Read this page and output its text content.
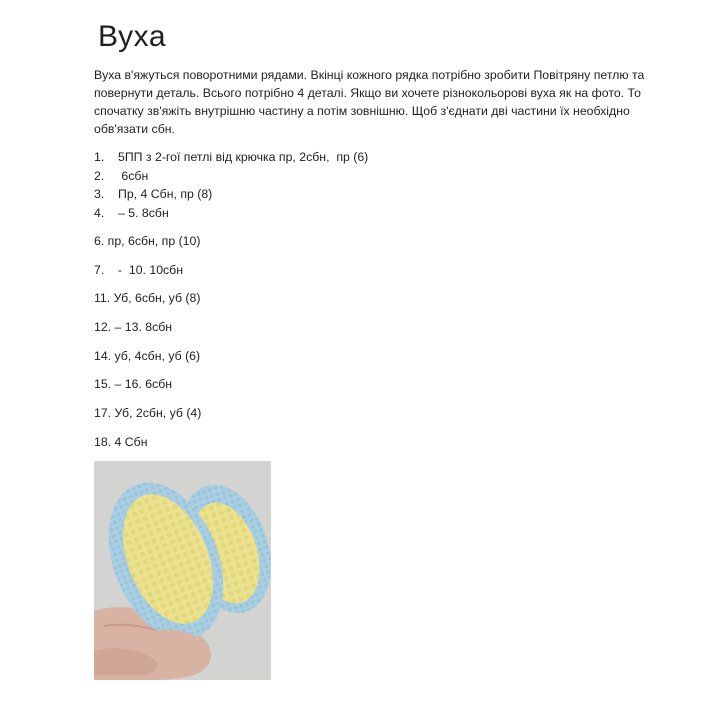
Вуха
Вуха в'яжуться поворотними рядами. Вкінці кожного рядка потрібно зробити Повітряну петлю та повернути деталь. Всього потрібно 4 деталі. Якщо ви хочете різнокольорові вуха як на фото. То спочатку зв'яжіть внутрішню частину а потім зовнішню. Щоб з'єднати дві частини їх необхідно обв'язати сбн.
1. 5ПП з 2-гої петлі від крючка пр, 2сбн,  пр (6)
2. 6сбн
3. Пр, 4 Сбн, пр (8)
4. – 5. 8сбн
6. пр, 6сбн, пр (10)
7.    -  10. 10сбн
11. Уб, 6сбн, уб (8)
12. – 13. 8сбн
14. уб, 4сбн, уб (6)
15. – 16. 6сбн
17. Уб, 2сбн, уб (4)
18. 4 Сбн
